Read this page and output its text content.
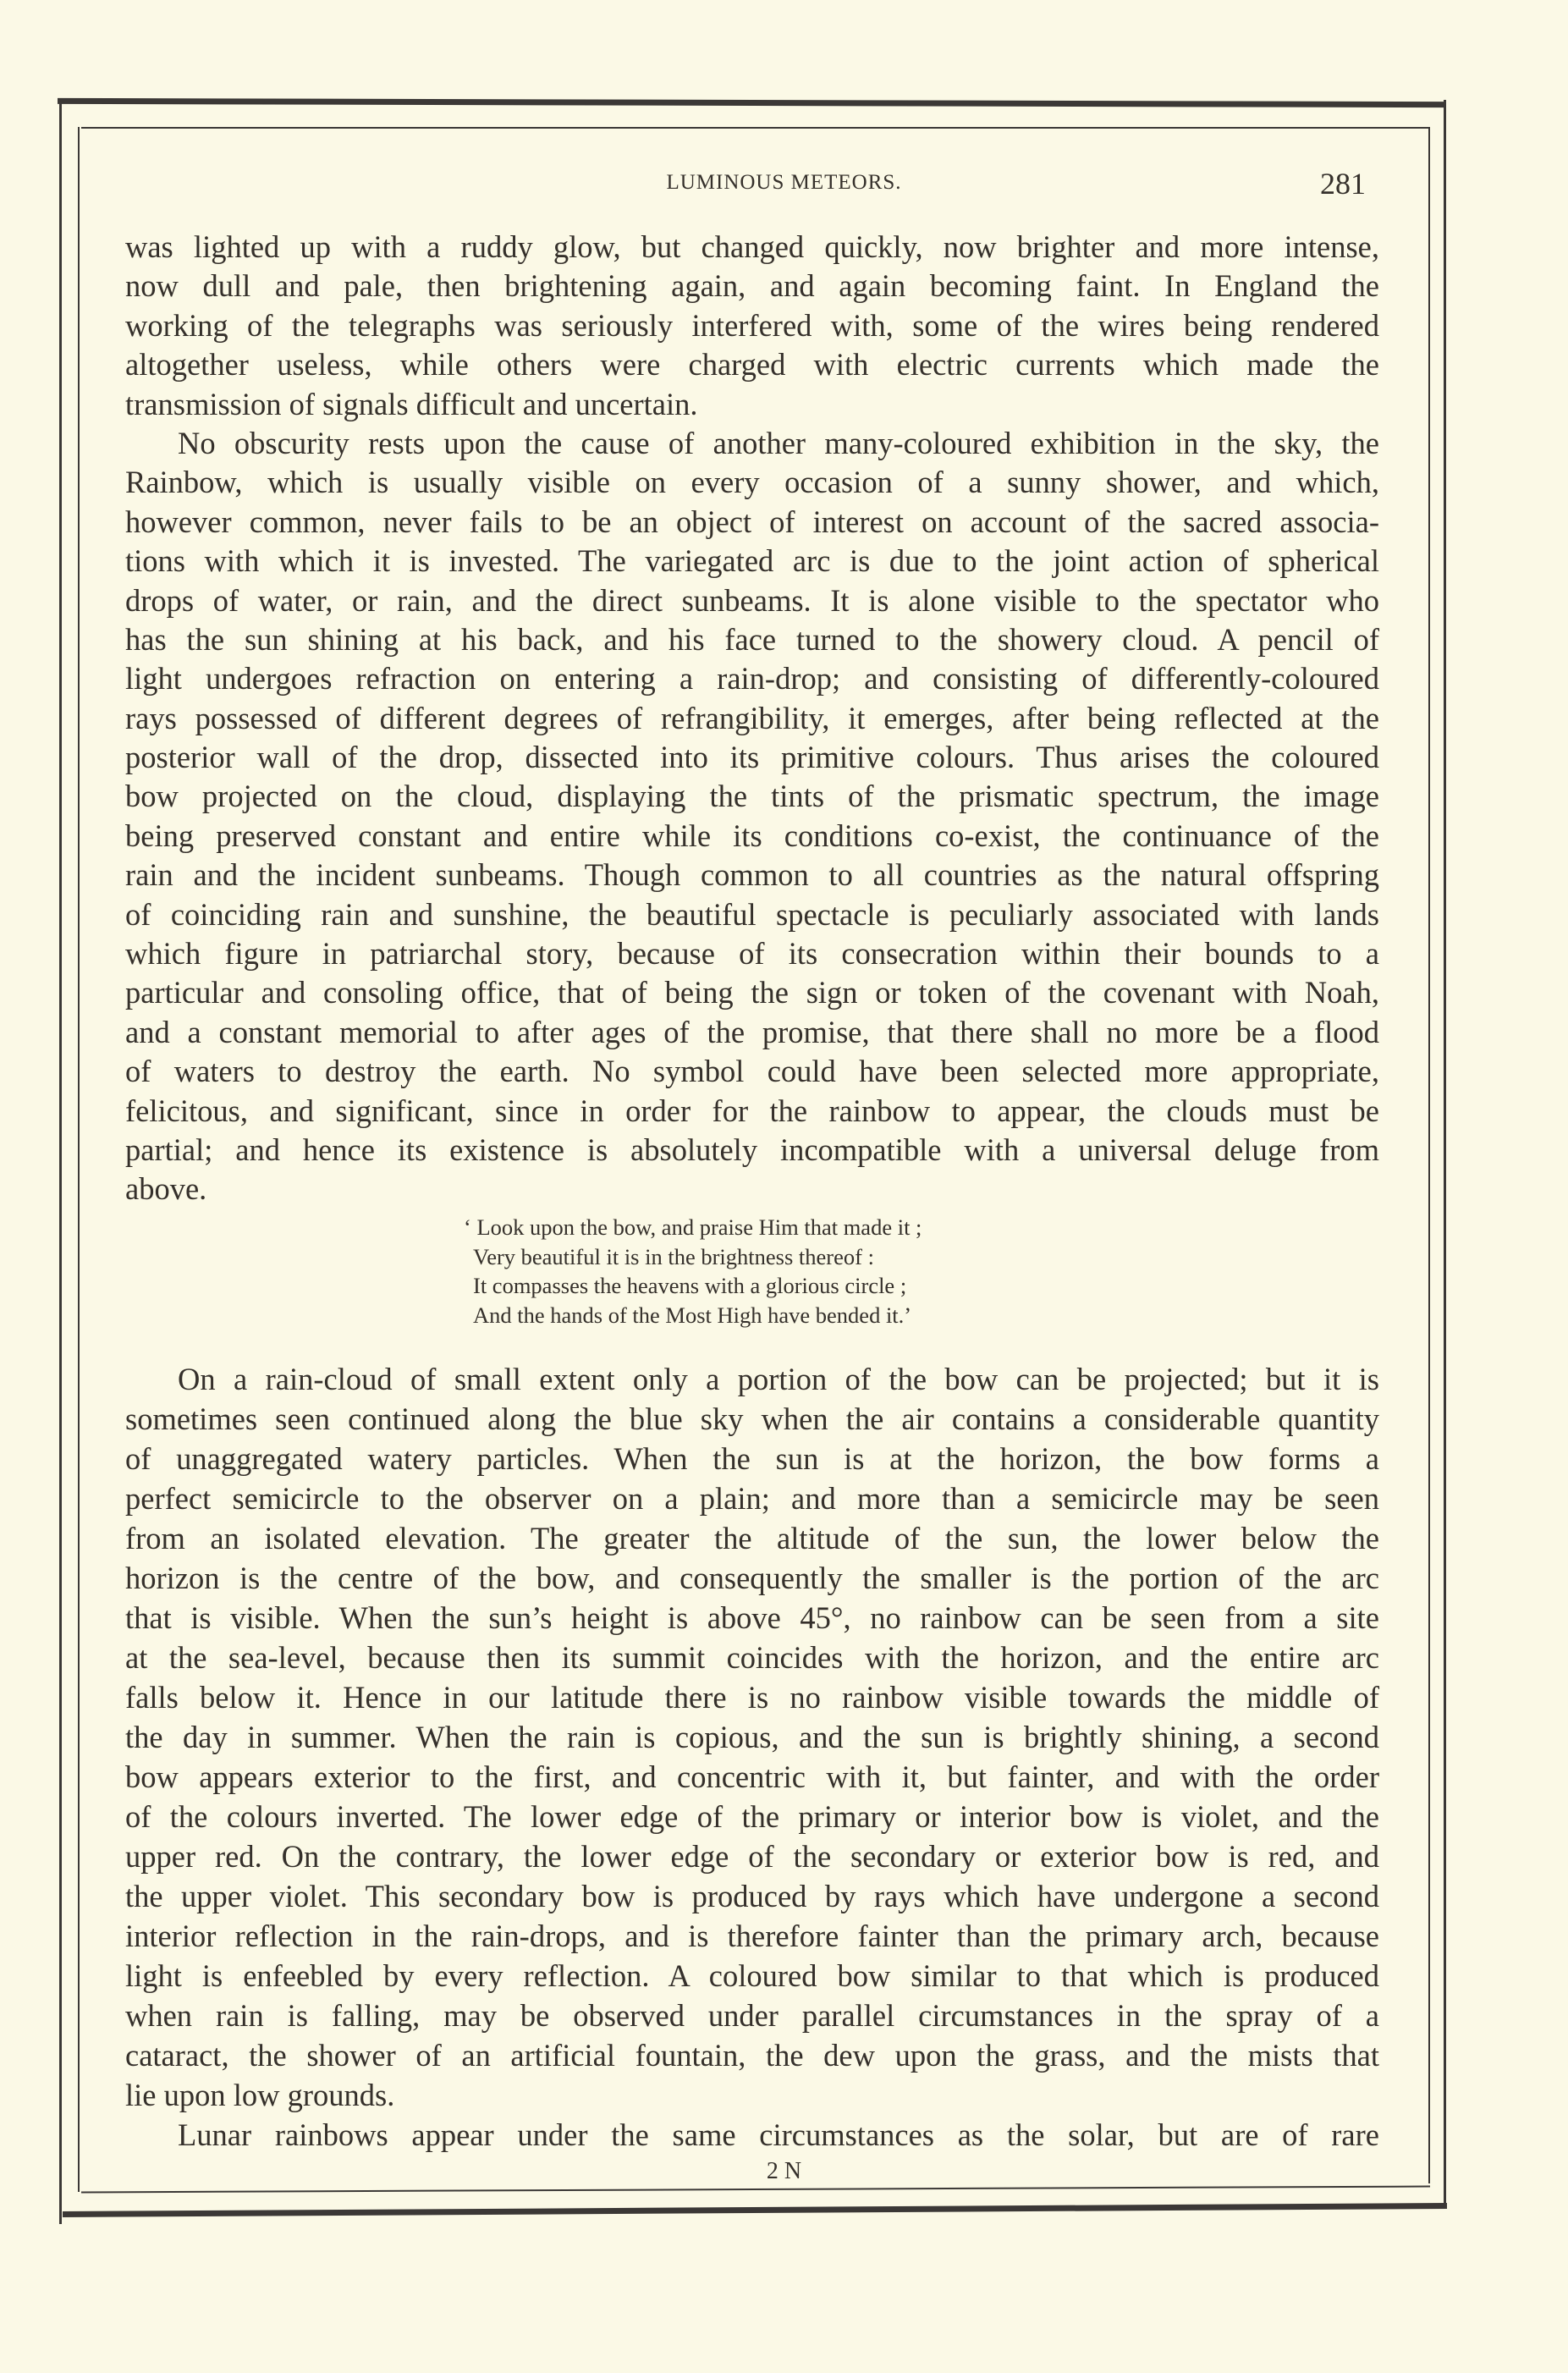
LUMINOUS METEORS.	281
was lighted up with a ruddy glow, but changed quickly, now brighter and more intense,
now dull and pale, then brightening again, and again becoming faint. In England the
working of the telegraphs was seriously interfered with, some of the wires being rendered
altogether useless, while others were charged with electric currents which made the
transmission of signals difficult and uncertain.
No obscurity rests upon the cause of another many-coloured exhibition in the sky, the
Rainbow, which is usually visible on every occasion of a sunny shower, and which,
however common, never fails to be an object of interest on account of the sacred associa-
tions with which it is invested. The variegated arc is due to the joint action of spherical
drops of water, or rain, and the direct sunbeams. It is alone visible to the spectator who
has the sun shining at his back, and his face turned to the showery cloud. A pencil of
light undergoes refraction on entering a rain-drop; and consisting of differently-coloured
rays possessed of different degrees of refrangibility, it emerges, after being reflected at the
posterior wall of the drop, dissected into its primitive colours. Thus arises the coloured
bow projected on the cloud, displaying the tints of the prismatic spectrum, the image
being preserved constant and entire while its conditions co-exist, the continuance of the
rain and the incident sunbeams. Though common to all countries as the natural offspring
of coinciding rain and sunshine, the beautiful spectacle is peculiarly associated with lands
which figure in patriarchal story, because of its consecration within their bounds to a
particular and consoling office, that of being the sign or token of the covenant with Noah,
and a constant memorial to after ages of the promise, that there shall no more be a flood
of waters to destroy the earth. No symbol could have been selected more appropriate,
felicitous, and significant, since in order for the rainbow to appear, the clouds must be
partial; and hence its existence is absolutely incompatible with a universal deluge from
above.
‘ Look upon the bow, and praise Him that made it ;
Very beautiful it is in the brightness thereof :
It compasses the heavens with a glorious circle ;
And the hands of the Most High have bended it.’
On a rain-cloud of small extent only a portion of the bow can be projected; but it is
sometimes seen continued along the blue sky when the air contains a considerable quantity
of unaggregated watery particles. When the sun is at the horizon, the bow forms a
perfect semicircle to the observer on a plain; and more than a semicircle may be seen
from an isolated elevation. The greater the altitude of the sun, the lower below the
horizon is the centre of the bow, and consequently the smaller is the portion of the arc
that is visible. When the sun’s height is above 45°, no rainbow can be seen from a site
at the sea-level, because then its summit coincides with the horizon, and the entire arc
falls below it. Hence in our latitude there is no rainbow visible towards the middle of
the day in summer. When the rain is copious, and the sun is brightly shining, a second
bow appears exterior to the first, and concentric with it, but fainter, and with the order
of the colours inverted. The lower edge of the primary or interior bow is violet, and the
upper red. On the contrary, the lower edge of the secondary or exterior bow is red, and
the upper violet. This secondary bow is produced by rays which have undergone a second
interior reflection in the rain-drops, and is therefore fainter than the primary arch, because
light is enfeebled by every reflection. A coloured bow similar to that which is produced
when rain is falling, may be observed under parallel circumstances in the spray of a
cataract, the shower of an artificial fountain, the dew upon the grass, and the mists that
lie upon low grounds.
Lunar rainbows appear under the same circumstances as the solar, but are of rare
2 N
